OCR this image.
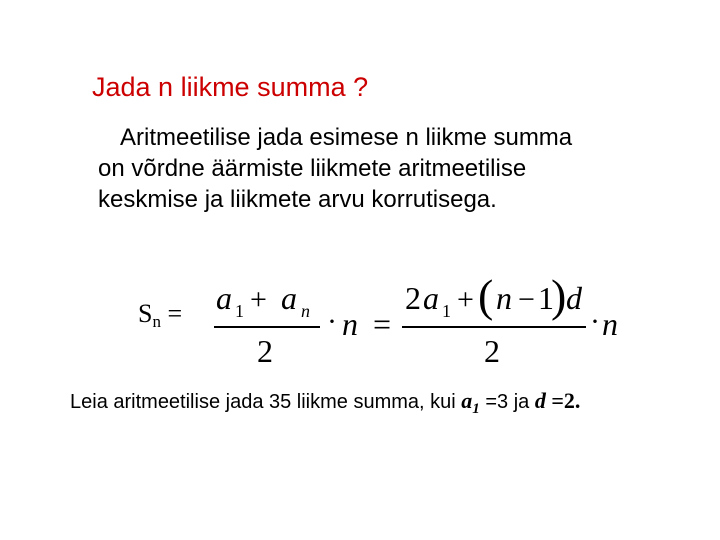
Jada n liikme summa ?
Aritmeetilise jada esimese n liikme summa
on võrdne äärmiste liikmete aritmeetilise
keskmise ja liikmete arvu korrutisega.
$S_n = a$ 1 + a n
2
· n =
2 a 1 + ( n − 1
) d
2
· n
Leia aritmeetilise jada 35 liikme summa, kui $a_1 =3$ ja d =2.
